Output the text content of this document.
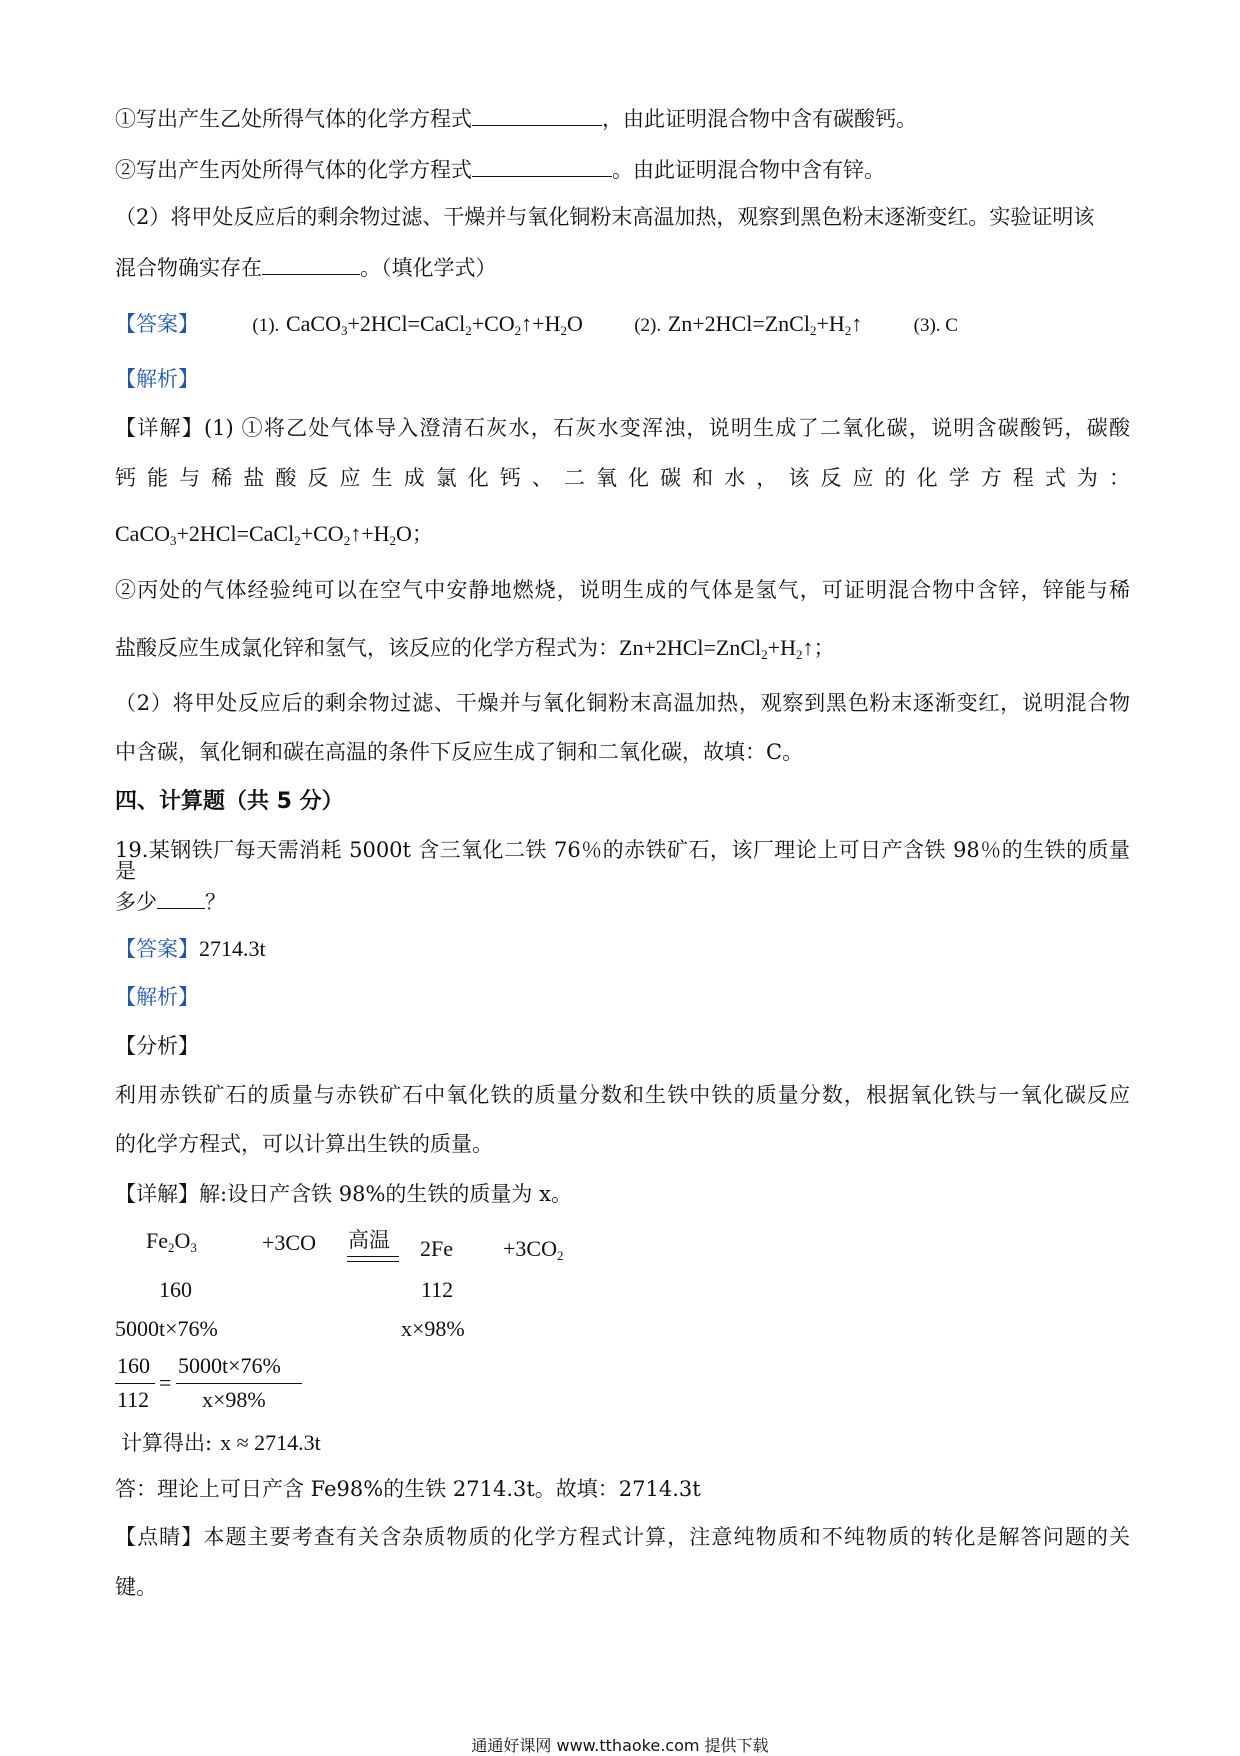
①写出产生乙处所得气体的化学方程式	，由此证明混合物中含有碳酸钙。
②写出产生丙处所得气体的化学方程式	。由此证明混合物中含有锌。
（2）将甲处反应后的剩余物过滤、干燥并与氧化铜粉末高温加热，观察到黑色粉末逐渐变红。实验证明该
混合物确实存在	。（填化学式）
【答案】	(1). $CaCO_3+2HCl=CaCl_2+CO_2↑+H_2O$	(2). $Zn+2HCl=ZnCl_2+H_2↑$	(3). C
【解析】
【详解】(1) ①将乙处气体导入澄清石灰水，石灰水变浑浊，说明生成了二氧化碳，说明含碳酸钙，碳酸
钙能与稀盐酸反应生成氯化钙、二氧化碳和水，该反应的化学方程式为：
$CaCO_3+2HCl=CaCl_2+CO_2↑+H_2O$；
②丙处的气体经验纯可以在空气中安静地燃烧，说明生成的气体是氢气，可证明混合物中含锌，锌能与稀
盐酸反应生成氯化锌和氢气，该反应的化学方程式为：$Zn+2HCl=ZnCl_2+H_2↑$；
（2）将甲处反应后的剩余物过滤、干燥并与氧化铜粉末高温加热，观察到黑色粉末逐渐变红，说明混合物
中含碳，氧化铜和碳在高温的条件下反应生成了铜和二氧化碳，故填：C。
四、计算题（共 5 分）
19.某钢铁厂每天需消耗 5000t 含三氧化二铁 76％的赤铁矿石，该厂理论上可日产含铁 98％的生铁的质量是
多少 ？
【答案】2714.3t
【解析】
【分析】
利用赤铁矿石的质量与赤铁矿石中氧化铁的质量分数和生铁中铁的质量分数，根据氧化铁与一氧化碳反应
的化学方程式，可以计算出生铁的质量。
【详解】解:设日产含铁 98%的生铁的质量为 x。
$Fe_2O_3$	+3CO 高温 $2Fe +3CO_2$
160	112
5000t×76%	x×98%
160
112
=
5000t×76%
x×98%
计算得出: x ≈ 2714.3t
答：理论上可日产含 Fe98%的生铁 2714.3t。故填：2714.3t
【点睛】本题主要考查有关含杂质物质的化学方程式计算，注意纯物质和不纯物质的转化是解答问题的关
键。
通通好课网 www.tthaoke.com 提供下载
